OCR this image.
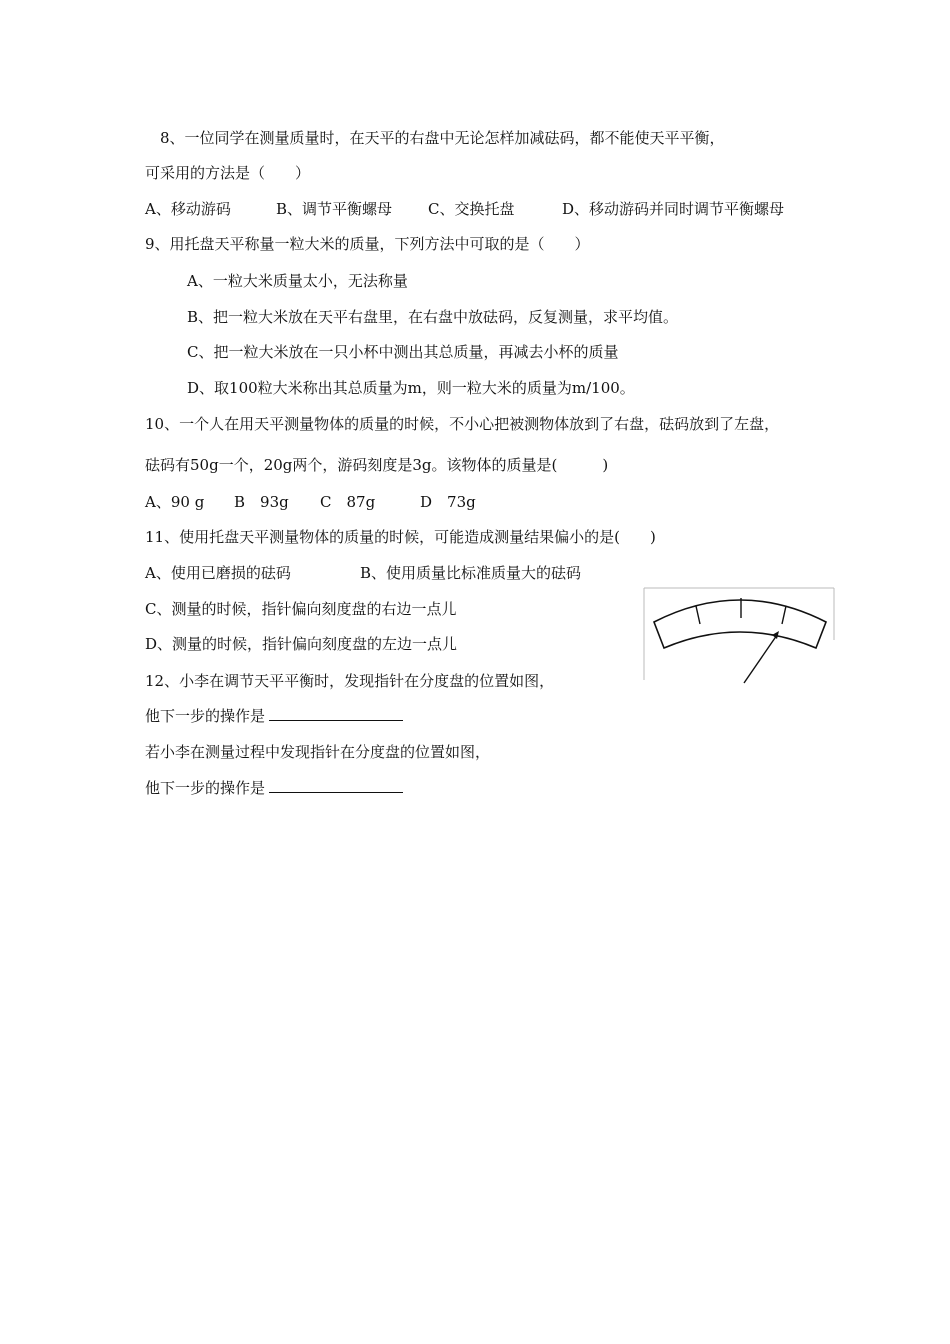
8、一位同学在测量质量时，在天平的右盘中无论怎样加减砝码，都不能使天平平衡，
可采用的方法是（　　）
A、移动游码	B、调节平衡螺母 C、交换托盘	D、移动游码并同时调节平衡螺母
9、用托盘天平称量一粒大米的质量，下列方法中可取的是（　　）
A、一粒大米质量太小，无法称量
B、把一粒大米放在天平右盘里，在右盘中放砝码，反复测量，求平均值。
C、把一粒大米放在一只小杯中测出其总质量，再减去小杯的质量
D、取100粒大米称出其总质量为m，则一粒大米的质量为m/100。
10、一个人在用天平测量物体的质量的时候，不小心把被测物体放到了右盘，砝码放到了左盘，
砝码有50g一个，20g两个，游码刻度是3g。该物体的质量是(　　　)
A、90 g B　93g C　87g	D　73g
11、使用托盘天平测量物体的质量的时候，可能造成测量结果偏小的是(　　)
A、使用已磨损的砝码	B、使用质量比标准质量大的砝码
C、测量的时候，指针偏向刻度盘的右边一点儿
D、测量的时候，指针偏向刻度盘的左边一点儿
12、小李在调节天平平衡时，发现指针在分度盘的位置如图，
他下一步的操作是
若小李在测量过程中发现指针在分度盘的位置如图，
他下一步的操作是
